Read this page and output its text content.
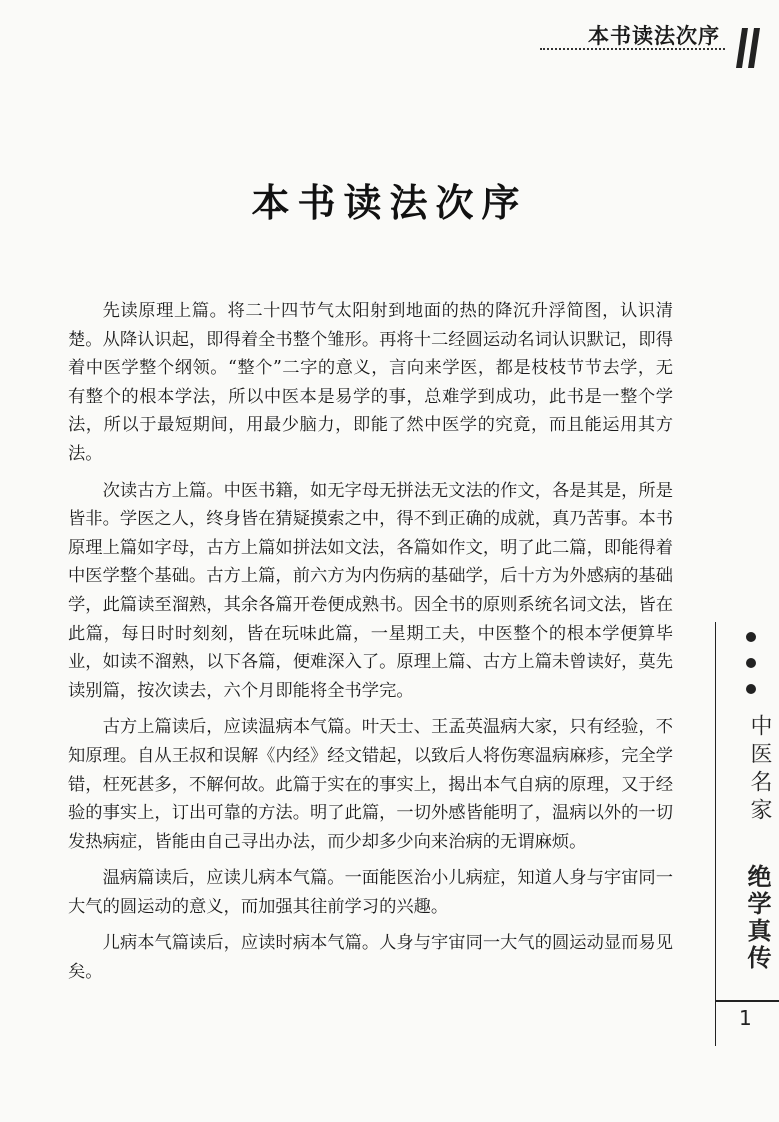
本书读法次序
本书读法次序

先读原理上篇。将二十四节气太阳射到地面的热的降沉升浮简图，认识清楚。从降认识起，即得着全书整个雏形。再将十二经圆运动名词认识默记，即得着中医学整个纲领。“整个”二字的意义，言向来学医，都是枝枝节节去学，无有整个的根本学法，所以中医本是易学的事，总难学到成功，此书是一整个学法，所以于最短期间，用最少脑力，即能了然中医学的究竟，而且能运用其方法。

次读古方上篇。中医书籍，如无字母无拼法无文法的作文，各是其是，所是皆非。学医之人，终身皆在猜疑摸索之中，得不到正确的成就，真乃苦事。本书原理上篇如字母，古方上篇如拼法如文法，各篇如作文，明了此二篇，即能得着中医学整个基础。古方上篇，前六方为内伤病的基础学，后十方为外感病的基础学，此篇读至溜熟，其余各篇开卷便成熟书。因全书的原则系统名词文法，皆在此篇，每日时时刻刻，皆在玩味此篇，一星期工夫，中医整个的根本学便算毕业，如读不溜熟，以下各篇，便难深入了。原理上篇、古方上篇未曾读好，莫先读别篇，按次读去，六个月即能将全书学完。

古方上篇读后，应读温病本气篇。叶天士、王孟英温病大家，只有经验，不知原理。自从王叔和误解《内经》经文错起，以致后人将伤寒温病麻疹，完全学错，枉死甚多，不解何故。此篇于实在的事实上，揭出本气自病的原理，又于经验的事实上，订出可靠的方法。明了此篇，一切外感皆能明了，温病以外的一切发热病症，皆能由自己寻出办法，而少却多少向来治病的无谓麻烦。

温病篇读后，应读儿病本气篇。一面能医治小儿病症，知道人身与宇宙同一大气的圆运动的意义，而加强其往前学习的兴趣。

儿病本气篇读后，应读时病本气篇。人身与宇宙同一大气的圆运动显而易见矣。

中医名家
绝学真传
1
